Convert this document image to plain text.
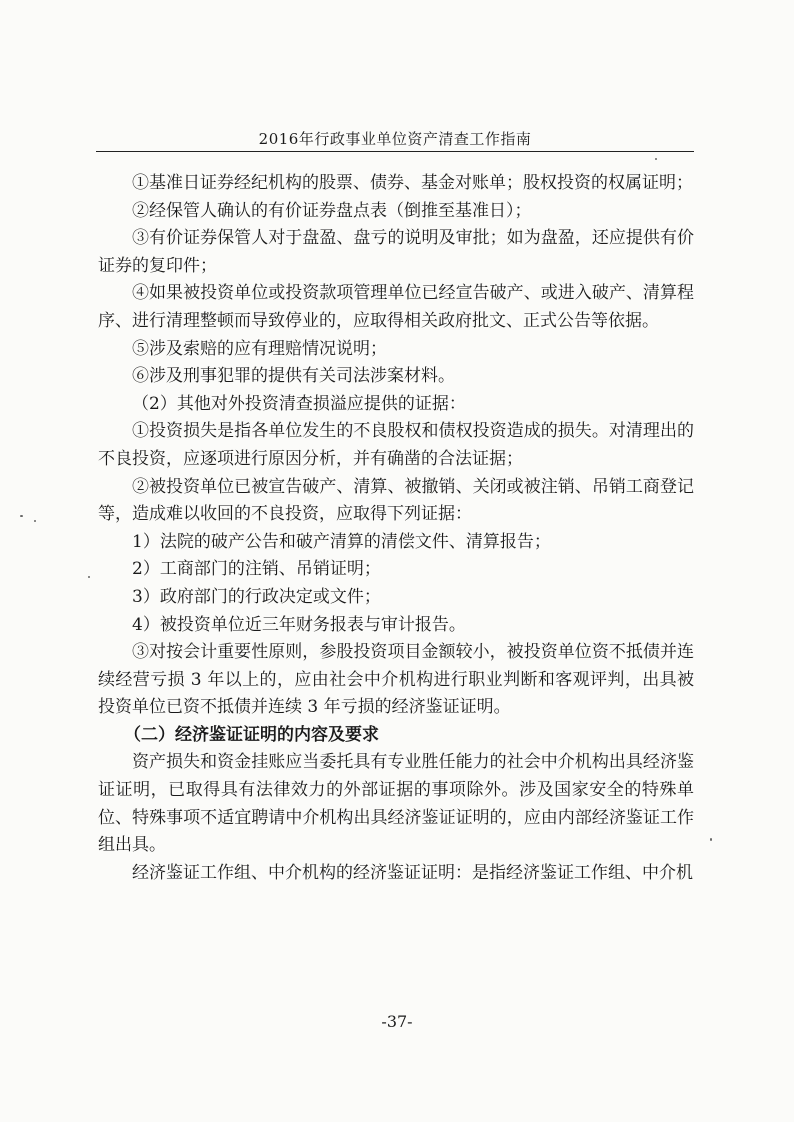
2016年行政事业单位资产清查工作指南

①基准日证券经纪机构的股票、债券、基金对账单；股权投资的权属证明；

②经保管人确认的有价证券盘点表（倒推至基准日）；

③有价证券保管人对于盘盈、盘亏的说明及审批；如为盘盈，还应提供有价证券的复印件；

④如果被投资单位或投资款项管理单位已经宣告破产、或进入破产、清算程序、进行清理整顿而导致停业的，应取得相关政府批文、正式公告等依据。

⑤涉及索赔的应有理赔情况说明；

⑥涉及刑事犯罪的提供有关司法涉案材料。

（2）其他对外投资清查损溢应提供的证据：

①投资损失是指各单位发生的不良股权和债权投资造成的损失。对清理出的不良投资，应逐项进行原因分析，并有确凿的合法证据；

②被投资单位已被宣告破产、清算、被撤销、关闭或被注销、吊销工商登记等，造成难以收回的不良投资，应取得下列证据：

1）法院的破产公告和破产清算的清偿文件、清算报告；

2）工商部门的注销、吊销证明；

3）政府部门的行政决定或文件；

4）被投资单位近三年财务报表与审计报告。

③对按会计重要性原则，参股投资项目金额较小，被投资单位资不抵债并连续经营亏损 3 年以上的，应由社会中介机构进行职业判断和客观评判，出具被投资单位已资不抵债并连续 3 年亏损的经济鉴证证明。

（二）经济鉴证证明的内容及要求

资产损失和资金挂账应当委托具有专业胜任能力的社会中介机构出具经济鉴证证明，已取得具有法律效力的外部证据的事项除外。涉及国家安全的特殊单位、特殊事项不适宜聘请中介机构出具经济鉴证证明的，应由内部经济鉴证工作组出具。

经济鉴证工作组、中介机构的经济鉴证证明：是指经济鉴证工作组、中介机

-37-
